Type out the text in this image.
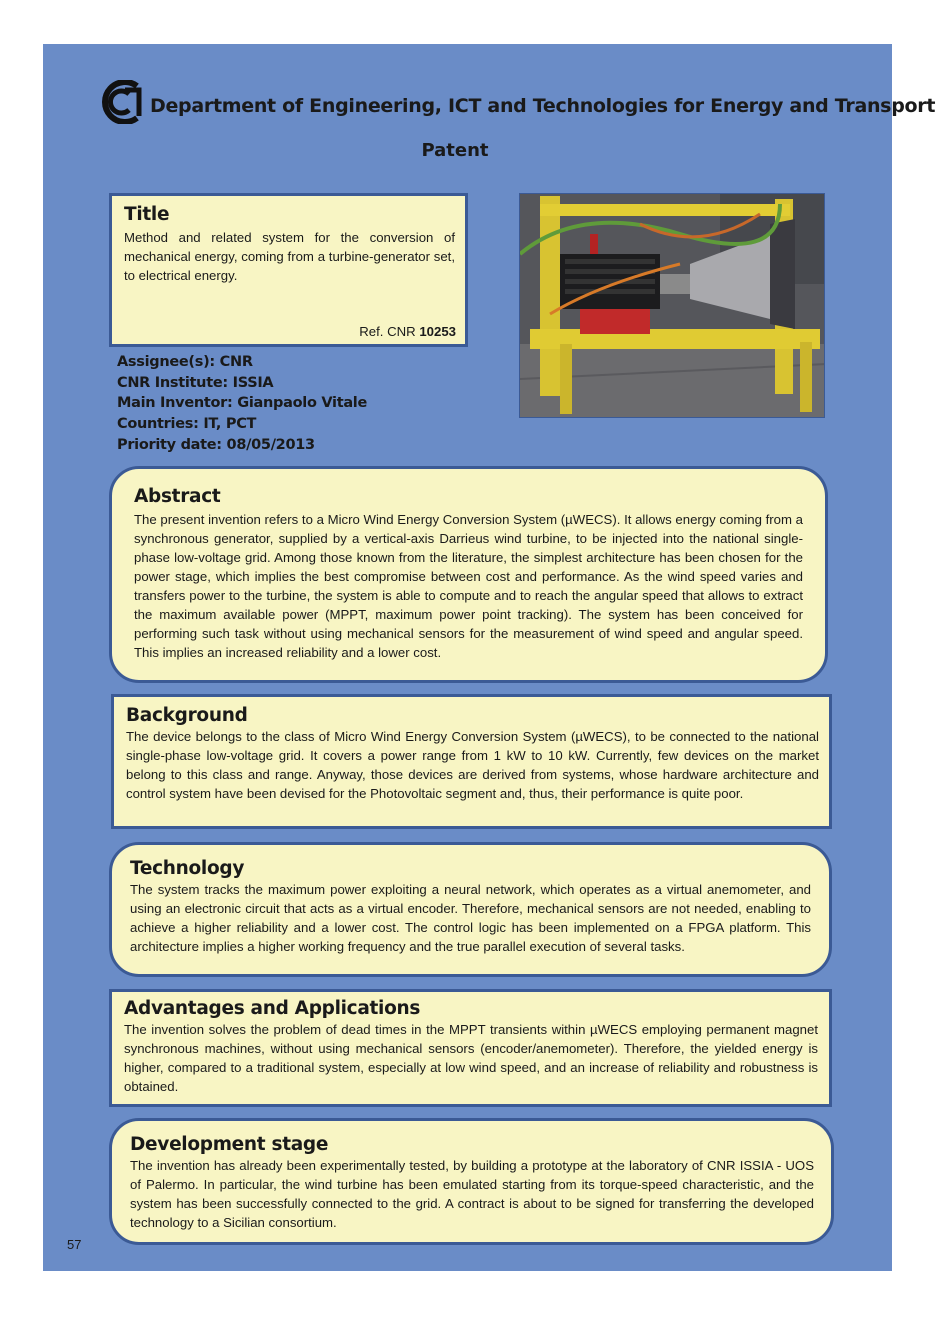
Department of Engineering, ICT and Technologies for Energy and Transport
Patent
Title

Method and related system for the conversion of mechanical energy, coming from a turbine-generator set, to electrical energy.

Ref. CNR 10253
Assignee(s): CNR
CNR Institute: ISSIA
Main Inventor: Gianpaolo Vitale
Countries: IT, PCT
Priority date: 08/05/2013
Abstract

The present invention refers to a Micro Wind Energy Conversion System (µWECS). It allows energy coming from a synchronous generator, supplied by a vertical-axis Darrieus wind turbine, to be injected into the national single-phase low-voltage grid. Among those known from the literature, the simplest architecture has been chosen for the power stage, which implies the best compromise between cost and performance. As the wind speed varies and transfers power to the turbine, the system is able to compute and to reach the angular speed that allows to extract the maximum available power (MPPT, maximum power point tracking). The system has been conceived for performing such task without using mechanical sensors for the measurement of wind speed and angular speed. This implies an increased reliability and a lower cost.

Background

The device belongs to the class of Micro Wind Energy Conversion System (µWECS), to be connected to the national single-phase low-voltage grid. It covers a power range from 1 kW to 10 kW. Currently, few devices on the market belong to this class and range. Anyway, those devices are derived from systems, whose hardware architecture and control system have been devised for the Photovoltaic segment and, thus, their performance is quite poor.

Technology

The system tracks the maximum power exploiting a neural network, which operates as a virtual anemometer, and using an electronic circuit that acts as a virtual encoder. Therefore, mechanical sensors are not needed, enabling to achieve a higher reliability and a lower cost. The control logic has been implemented on a FPGA platform. This architecture implies a higher working frequency and the true parallel execution of several tasks.

Advantages and Applications

The invention solves the problem of dead times in the MPPT transients within µWECS employing permanent magnet synchronous machines, without using mechanical sensors (encoder/anemometer). Therefore, the yielded energy is higher, compared to a traditional system, especially at low wind speed, and an increase of reliability and robustness is obtained.

Development stage

The invention has already been experimentally tested, by building a prototype at the laboratory of CNR ISSIA - UOS of Palermo. In particular, the wind turbine has been emulated starting from its torque-speed characteristic, and the system has been successfully connected to the grid. A contract is about to be signed for transferring the developed technology to a Sicilian consortium.

57
